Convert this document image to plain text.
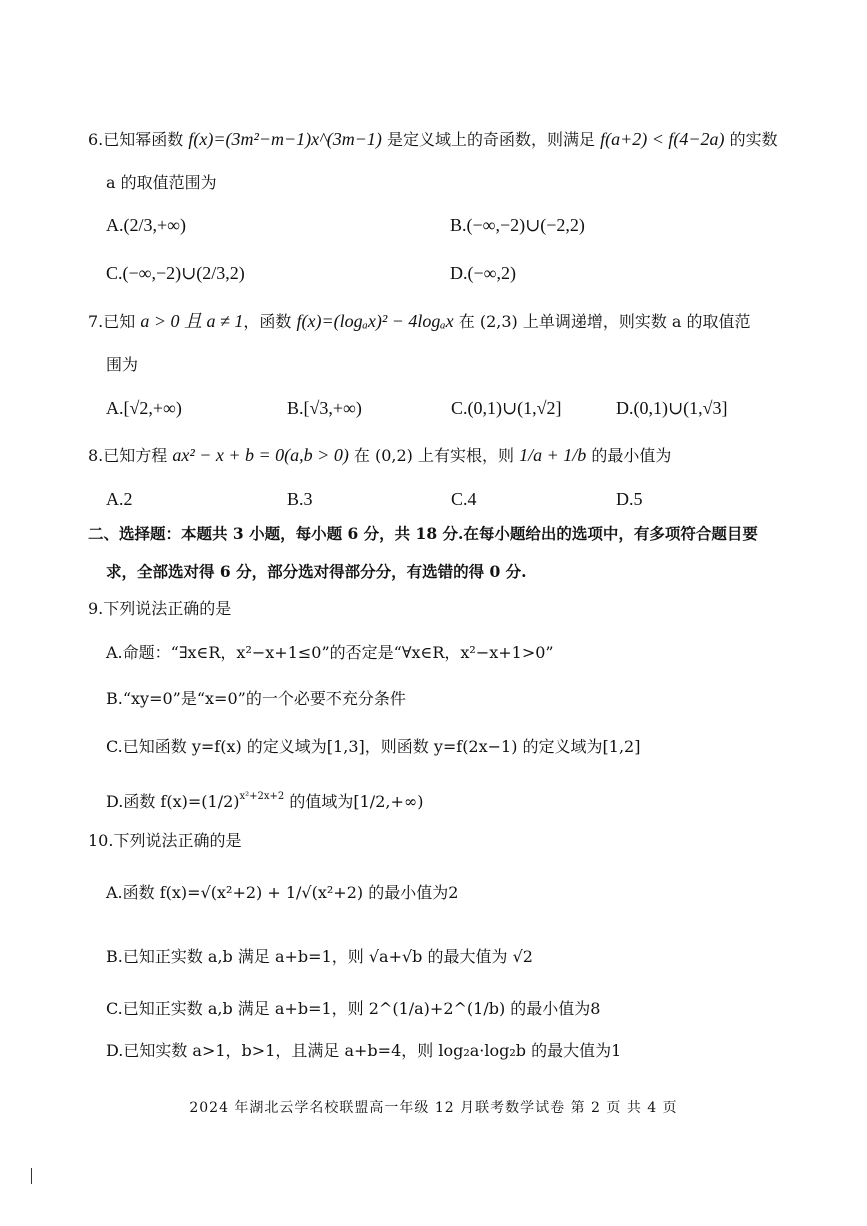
6.已知幂函数 f(x)=(3m²−m−1)x^(3m−1) 是定义域上的奇函数，则满足 f(a+2) < f(4−2a) 的实数
a 的取值范围为
A.(2/3,+∞)	B.(−∞,−2)∪(−2,2)
C.(−∞,−2)∪(2/3,2)	D.(−∞,2)
7.已知 a > 0 且 a ≠ 1，函数 f(x)=(logₐx)² − 4logₐx 在 (2,3) 上单调递增，则实数 a 的取值范
围为
A.[√2,+∞)	B.[√3,+∞)	C.(0,1)∪(1,√2]	D.(0,1)∪(1,√3]
8.已知方程 ax² − x + b = 0(a,b > 0) 在 (0,2) 上有实根，则 1/a + 1/b 的最小值为
A.2	B.3	C.4	D.5
二、选择题：本题共 3 小题，每小题 6 分，共 18 分.在每小题给出的选项中，有多项符合题目要
求，全部选对得 6 分，部分选对得部分分，有选错的得 0 分.
9.下列说法正确的是
A.命题：“∃x∈R，x²−x+1≤0”的否定是“∀x∈R，x²−x+1>0”
B.“xy=0”是“x=0”的一个必要不充分条件
C.已知函数 y=f(x) 的定义域为[1,3]，则函数 y=f(2x−1) 的定义域为[1,2]
D.函数 $f(x)=(1/2)^{x^2+2x+2}$ 的值域为[1/2,+∞)
10.下列说法正确的是
A.函数 f(x)=√(x²+2) + 1/√(x²+2) 的最小值为2
B.已知正实数 a,b 满足 a+b=1，则 √a+√b 的最大值为 √2
C.已知正实数 a,b 满足 a+b=1，则 2^(1/a)+2^(1/b) 的最小值为8
D.已知实数 a>1，b>1，且满足 a+b=4，则 log₂a·log₂b 的最大值为1
2024 年湖北云学名校联盟高一年级 12 月联考数学试卷 第 2 页 共 4 页
